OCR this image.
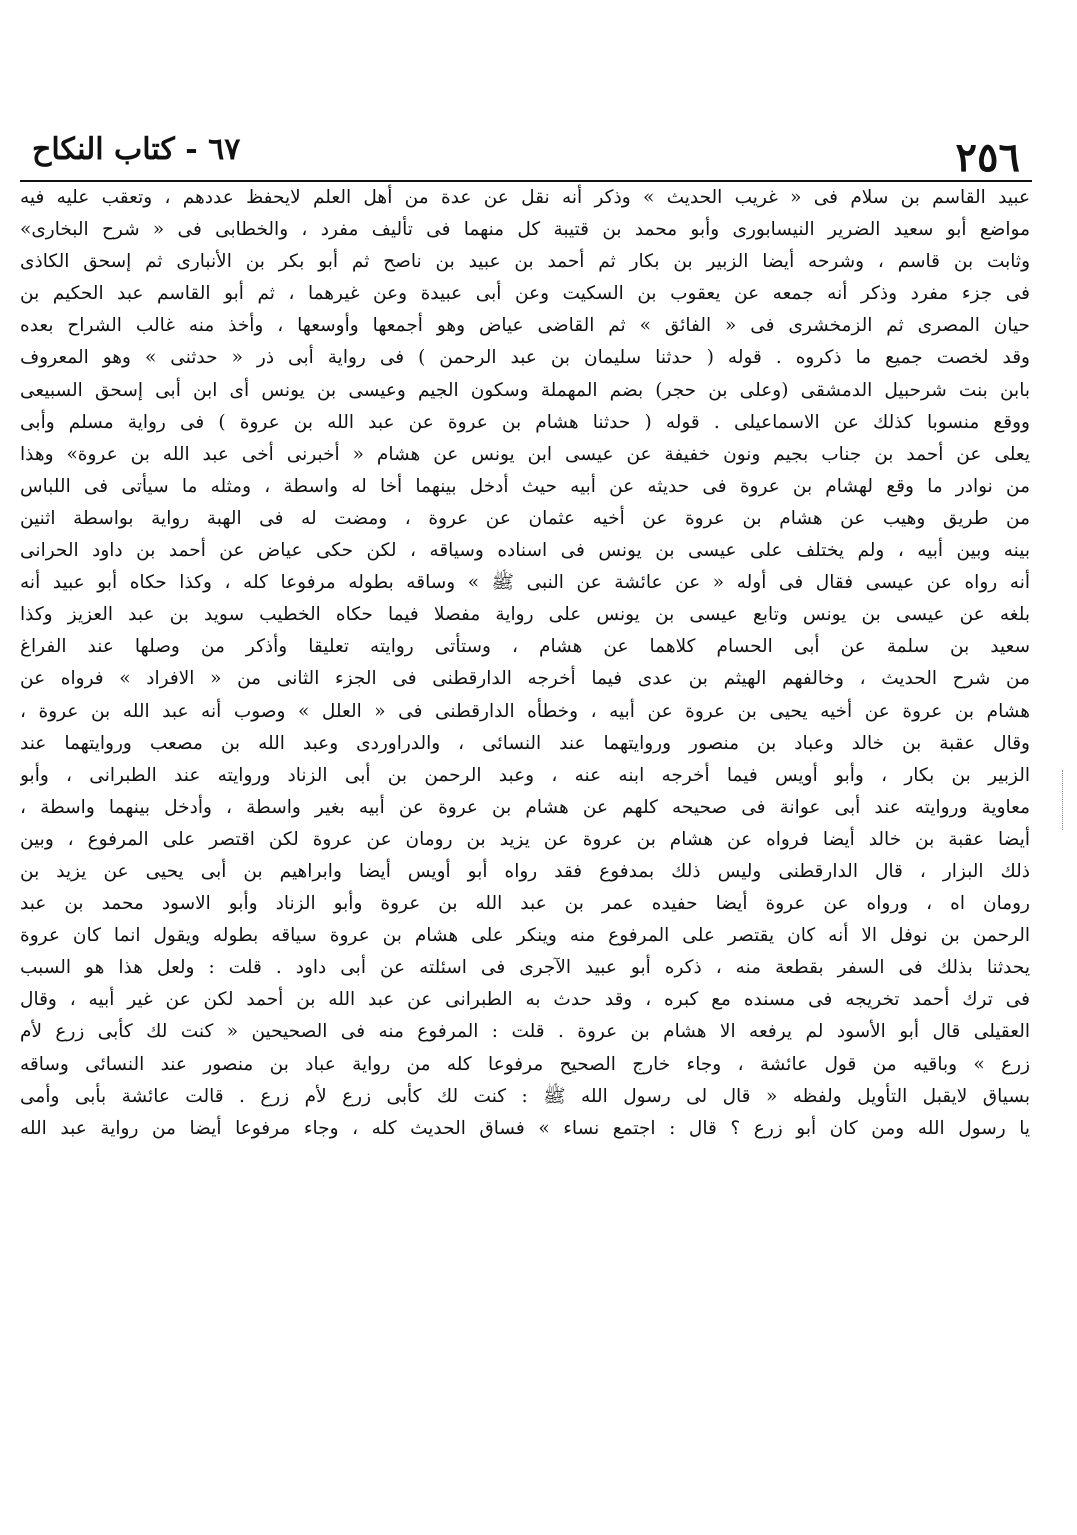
٢٥٦
٦٧ - كتاب النكاح
عبيد القاسم بن سلام فى « غريب الحديث » وذكر أنه نقل عن عدة من أهل العلم لايحفظ عددهم ، وتعقب عليه فيه
مواضع أبو سعيد الضرير النيسابورى وأبو محمد بن قتيبة كل منهما فى تأليف مفرد ، والخطابى فى « شرح البخارى»
وثابت بن قاسم ، وشرحه أيضا الزبير بن بكار ثم أحمد بن عبيد بن ناصح ثم أبو بكر بن الأنبارى ثم إسحق الكاذى
فى جزء مفرد وذكر أنه جمعه عن يعقوب بن السكيت وعن أبى عبيدة وعن غيرهما ، ثم أبو القاسم عبد الحكيم بن
حيان المصرى ثم الزمخشرى فى « الفائق » ثم القاضى عياض وهو أجمعها وأوسعها ، وأخذ منه غالب الشراح بعده
وقد لخصت جميع ما ذكروه . قوله ( حدثنا سليمان بن عبد الرحمن ) فى رواية أبى ذر « حدثنى » وهو المعروف
بابن بنت شرحبيل الدمشقى (وعلى بن حجر) بضم المهملة وسكون الجيم وعيسى بن يونس أى ابن أبى إسحق السبيعى
ووقع منسوبا كذلك عن الاسماعيلى . قوله ( حدثنا هشام بن عروة عن عبد الله بن عروة ) فى رواية مسلم وأبى
يعلى عن أحمد بن جناب بجيم ونون خفيفة عن عيسى ابن يونس عن هشام « أخبرنى أخى عبد الله بن عروة» وهذا
من نوادر ما وقع لهشام بن عروة فى حديثه عن أبيه حيث أدخل بينهما أخا له واسطة ، ومثله ما سيأتى فى اللباس
من طريق وهيب عن هشام بن عروة عن أخيه عثمان عن عروة ، ومضت له فى الهبة رواية بواسطة اثنين
بينه وبين أبيه ، ولم يختلف على عيسى بن يونس فى اسناده وسياقه ، لكن حكى عياض عن أحمد بن داود الحرانى
أنه رواه عن عيسى فقال فى أوله « عن عائشة عن النبى ﷺ » وساقه بطوله مرفوعا كله ، وكذا حكاه أبو عبيد أنه
بلغه عن عيسى بن يونس وتابع عيسى بن يونس على رواية مفصلا فيما حكاه الخطيب سويد بن عبد العزيز وكذا
سعيد بن سلمة عن أبى الحسام كلاهما عن هشام ، وستأتى روايته تعليقا وأذكر من وصلها عند الفراغ
من شرح الحديث ، وخالفهم الهيثم بن عدى فيما أخرجه الدارقطنى فى الجزء الثانى من « الافراد » فرواه عن
هشام بن عروة عن أخيه يحيى بن عروة عن أبيه ، وخطأه الدارقطنى فى « العلل » وصوب أنه عبد الله بن عروة ،
وقال عقبة بن خالد وعباد بن منصور وروايتهما عند النسائى ، والدراوردى وعبد الله بن مصعب وروايتهما عند
الزبير بن بكار ، وأبو أويس فيما أخرجه ابنه عنه ، وعبد الرحمن بن أبى الزناد وروايته عند الطبرانى ، وأبو
معاوية وروايته عند أبى عوانة فى صحيحه كلهم عن هشام بن عروة عن أبيه بغير واسطة ، وأدخل بينهما واسطة ،
أيضا عقبة بن خالد أيضا فرواه عن هشام بن عروة عن يزيد بن رومان عن عروة لكن اقتصر على المرفوع ، وبين
ذلك البزار ، قال الدارقطنى وليس ذلك بمدفوع فقد رواه أبو أويس أيضا وابراهيم بن أبى يحيى عن يزيد بن
رومان اه ، ورواه عن عروة أيضا حفيده عمر بن عبد الله بن عروة وأبو الزناد وأبو الاسود محمد بن عبد
الرحمن بن نوفل الا أنه كان يقتصر على المرفوع منه وينكر على هشام بن عروة سياقه بطوله ويقول انما كان عروة
يحدثنا بذلك فى السفر بقطعة منه ، ذكره أبو عبيد الآجرى فى اسئلته عن أبى داود . قلت : ولعل هذا هو السبب
فى ترك أحمد تخريجه فى مسنده مع كبره ، وقد حدث به الطبرانى عن عبد الله بن أحمد لكن عن غير أبيه ، وقال
العقيلى قال أبو الأسود لم يرفعه الا هشام بن عروة . قلت : المرفوع منه فى الصحيحين « كنت لك كأبى زرع لأم
زرع » وباقيه من قول عائشة ، وجاء خارج الصحيح مرفوعا كله من رواية عباد بن منصور عند النسائى وساقه
بسياق لايقبل التأويل ولفظه « قال لى رسول الله ﷺ : كنت لك كأبى زرع لأم زرع . قالت عائشة بأبى وأمى
يا رسول الله ومن كان أبو زرع ؟ قال : اجتمع نساء » فساق الحديث كله ، وجاء مرفوعا أيضا من رواية عبد الله
